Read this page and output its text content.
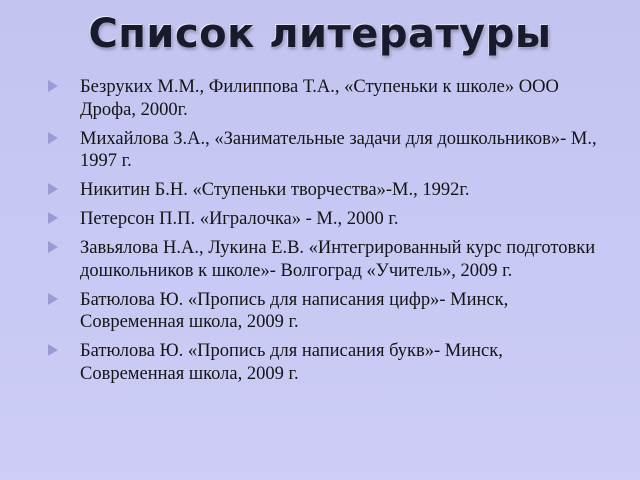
Список литературы
Безруких М.М., Филиппова Т.А., «Ступеньки к школе» ООО Дрофа, 2000г.
Михайлова З.А., «Занимательные задачи для дошкольников»- М., 1997 г.
Никитин Б.Н. «Ступеньки творчества»-М., 1992г.
Петерсон П.П. «Игралочка» - М., 2000 г.
Завьялова Н.А., Лукина Е.В. «Интегрированный курс подготовки дошкольников к школе»- Волгоград «Учитель», 2009 г.
Батюлова Ю. «Пропись для написания цифр»- Минск, Современная школа, 2009 г.
Батюлова Ю. «Пропись для написания букв»- Минск, Современная школа, 2009 г.
